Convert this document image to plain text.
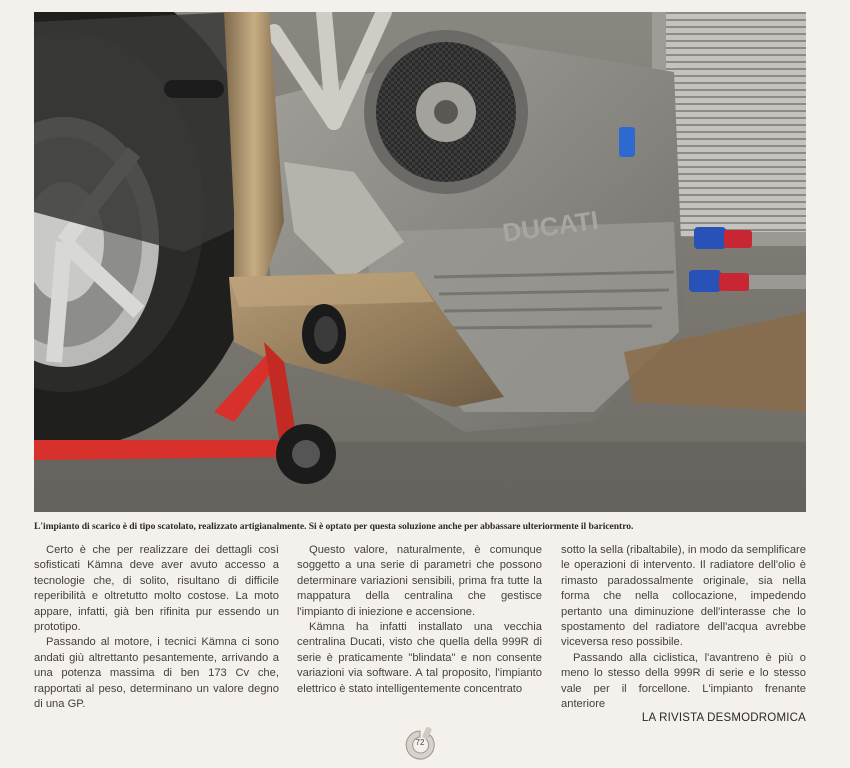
DUCATI
L'impianto di scarico è di tipo scatolato, realizzato artigianalmente. Si è optato per questa soluzione anche per abbassare ulteriormente il baricentro.

Certo è che per realizzare dei dettagli così sofisticati Kämna deve aver avuto accesso a tecnologie che, di solito, risultano di difficile reperibilità e oltretutto molto costose. La moto appare, infatti, già ben rifinita pur essendo un prototipo.

Passando al motore, i tecnici Kämna ci sono andati giù altrettanto pesantemente, arrivando a una potenza massima di ben 173 Cv che, rapportati al peso, determinano un valore degno di una GP.

Questo valore, naturalmente, è comunque soggetto a una serie di parametri che possono determinare variazioni sensibili, prima fra tutte la mappatura della centralina che gestisce l'impianto di iniezione e accensione.

Kämna ha infatti installato una vecchia centralina Ducati, visto che quella della 999R di serie è praticamente "blindata" e non consente variazioni via software. A tal proposito, l'impianto elettrico è stato intelligentemente concentrato

sotto la sella (ribaltabile), in modo da semplificare le operazioni di intervento. Il radiatore dell'olio è rimasto paradossalmente originale, sia nella forma che nella collocazione, impedendo pertanto una diminuzione dell'interasse che lo spostamento del radiatore dell'acqua avrebbe viceversa reso possibile.

Passando alla ciclistica, l'avantreno è più o meno lo stesso della 999R di serie e lo stesso vale per il forcellone. L'impianto frenante anteriore

LA RIVISTA DESMODROMICA
72
